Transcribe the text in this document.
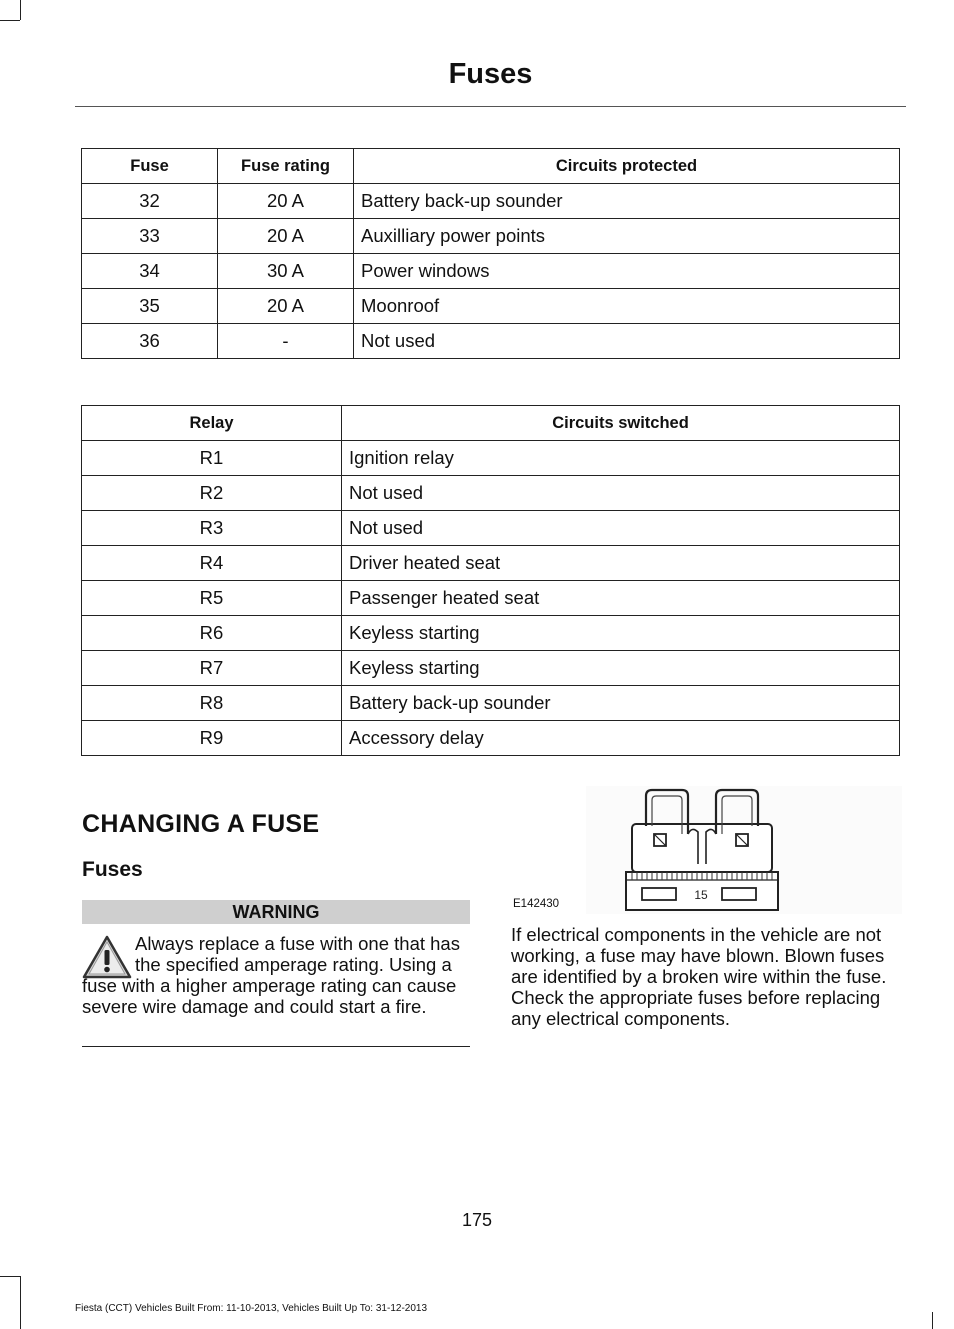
Fuses
Fuse	Fuse rating	Circuits protected
32	20 A	Battery back-up sounder
33	20 A	Auxilliary power points
34	30 A	Power windows
35	20 A	Moonroof
36	-	Not used
Relay	Circuits switched
R1	Ignition relay
R2	Not used
R3	Not used
R4	Driver heated seat
R5	Passenger heated seat
R6	Keyless starting
R7	Keyless starting
R8	Battery back-up sounder
R9	Accessory delay
CHANGING A FUSE
Fuses
WARNING
Always replace a fuse with one that has the specified amperage rating. Using a fuse with a higher amperage rating can cause severe wire damage and could start a fire.
15
E142430
If electrical components in the vehicle are not working, a fuse may have blown. Blown fuses are identified by a broken wire within the fuse. Check the appropriate fuses before replacing any electrical components.
175
Fiesta (CCT) Vehicles Built From: 11-10-2013, Vehicles Built Up To: 31-12-2013
